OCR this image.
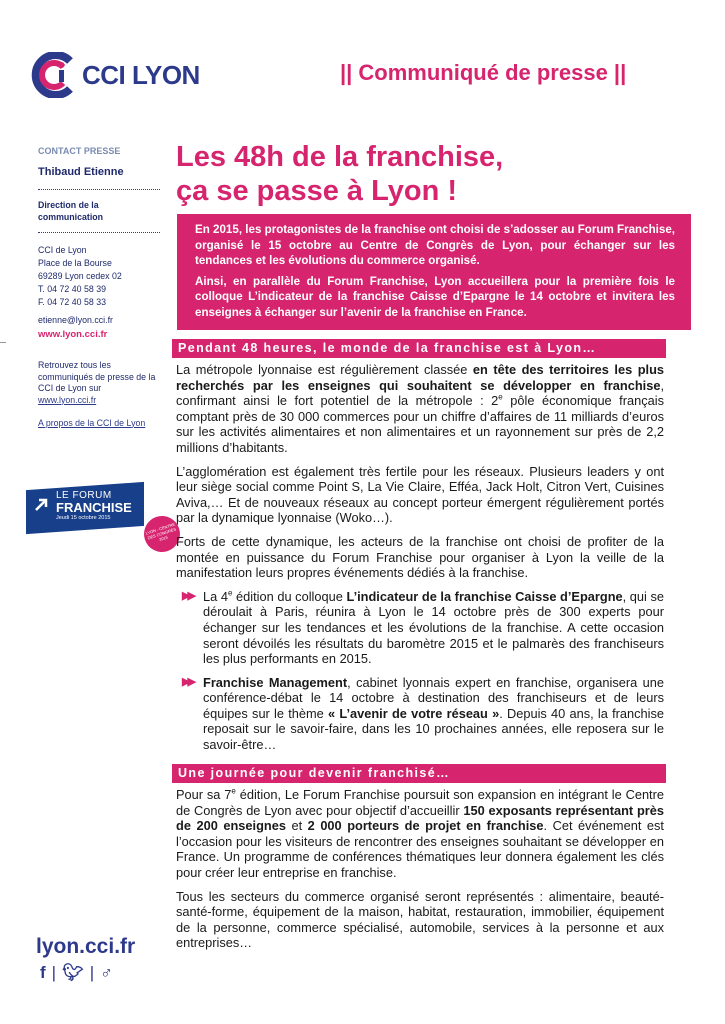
CCI LYON	|| Communiqué de presse ||
CONTACT PRESSE
Thibaud Etienne
Direction de la communication
CCI de Lyon
Place de la Bourse
69289 Lyon cedex 02
T. 04 72 40 58 39
F. 04 72 40 58 33
etienne@lyon.cci.fr
www.lyon.cci.fr
Retrouvez tous les communiqués de presse de la CCI de Lyon sur
www.lyon.cci.fr

A propos de la CCI de Lyon
LE FORUM
FRANCHISE
Jeudi 15 octobre 2015
LYON - CENTRE DES CONGRÈS 2015
lyon.cci.fr
f|🐦︎|♂︎
Les 48h de la franchise,
ça se passe à Lyon !

En 2015, les protagonistes de la franchise ont choisi de s’adosser au Forum Franchise, organisé le 15 octobre au Centre de Congrès de Lyon, pour échanger sur les tendances et les évolutions du commerce organisé.

Ainsi, en parallèle du Forum Franchise, Lyon accueillera pour la première fois le colloque L’indicateur de la franchise Caisse d’Epargne le 14 octobre et invitera les enseignes à échanger sur l’avenir de la franchise en France.

Pendant 48 heures, le monde de la franchise est à Lyon…

La métropole lyonnaise est régulièrement classée en tête des territoires les plus recherchés par les enseignes qui souhaitent se développer en franchise, confirmant ainsi le fort potentiel de la métropole : 2e pôle économique français comptant près de 30 000 commerces pour un chiffre d’affaires de 11 milliards d’euros sur les activités alimentaires et non alimentaires et un rayonnement sur près de 2,2 millions d’habitants.

L’agglomération est également très fertile pour les réseaux. Plusieurs leaders y ont leur siège social comme Point S, La Vie Claire, Efféa, Jack Holt, Citron Vert, Cuisines Aviva,… Et de nouveaux réseaux au concept porteur émergent régulièrement portés par la dynamique lyonnaise (Woko…).

Forts de cette dynamique, les acteurs de la franchise ont choisi de profiter de la montée en puissance du Forum Franchise pour organiser à Lyon la veille de la manifestation leurs propres événements dédiés à la franchise.

▶▶ La 4e édition du colloque L’indicateur de la franchise Caisse d’Epargne, qui se déroulait à Paris, réunira à Lyon le 14 octobre près de 300 experts pour échanger sur les tendances et les évolutions de la franchise. A cette occasion seront dévoilés les résultats du baromètre 2015 et le palmarès des franchiseurs les plus performants en 2015.
▶▶ Franchise Management, cabinet lyonnais expert en franchise, organisera une conférence-débat le 14 octobre à destination des franchiseurs et de leurs équipes sur le thème « L’avenir de votre réseau ». Depuis 40 ans, la franchise reposait sur le savoir-faire, dans les 10 prochaines années, elle reposera sur le savoir-être…
Une journée pour devenir franchisé…

Pour sa 7e édition, Le Forum Franchise poursuit son expansion en intégrant le Centre de Congrès de Lyon avec pour objectif d’accueillir 150 exposants représentant près de 200 enseignes et 2 000 porteurs de projet en franchise. Cet événement est l’occasion pour les visiteurs de rencontrer des enseignes souhaitant se développer en France. Un programme de conférences thématiques leur donnera également les clés pour créer leur entreprise en franchise.

Tous les secteurs du commerce organisé seront représentés : alimentaire, beauté-santé-forme, équipement de la maison, habitat, restauration, immobilier, équipement de la personne, commerce spécialisé, automobile, services à la personne et aux entreprises…
